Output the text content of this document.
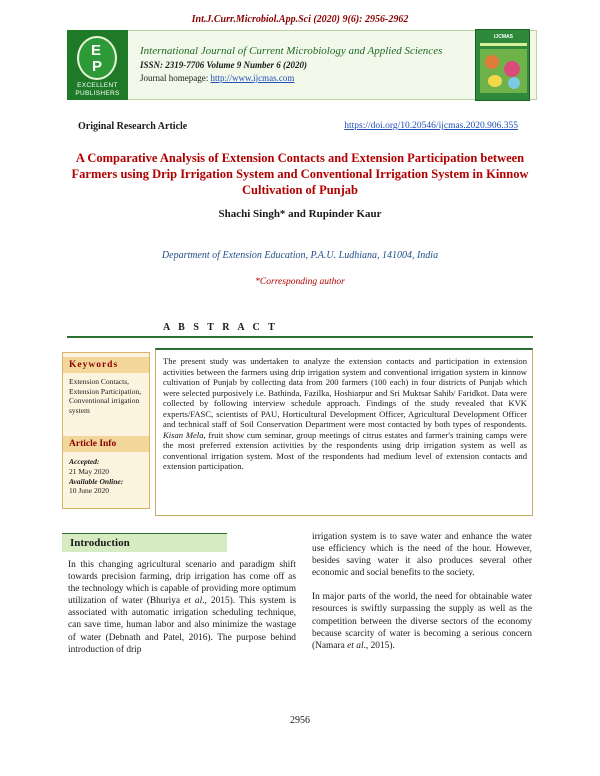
Int.J.Curr.Microbiol.App.Sci (2020) 9(6): 2956-2962
E
P
EXCELLENT PUBLISHERS
International Journal of Current Microbiology and Applied Sciences
ISSN: 2319-7706 Volume 9 Number 6 (2020)
Journal homepage: http://www.ijcmas.com
IJCMAS
Original Research Article	https://doi.org/10.20546/ijcmas.2020.906.355
A Comparative Analysis of Extension Contacts and Extension Participation between Farmers using Drip Irrigation System and Conventional Irrigation System in Kinnow Cultivation of Punjab
Shachi Singh* and Rupinder Kaur
Department of Extension Education, P.A.U. Ludhiana, 141004, India
*Corresponding author
A B S T R A C T
Keywords
Extension Contacts, Extension Participation, Conventional irrigation system
Article Info
Accepted:
21 May 2020
Available Online:
10 June 2020
The present study was undertaken to analyze the extension contacts and participation in extension activities between the farmers using drip irrigation system and conventional irrigation system in kinnow cultivation of Punjab by collecting data from 200 farmers (100 each) in four districts of Punjab which were selected purposively i.e. Bathinda, Fazilka, Hoshiarpur and Sri Muktsar Sahib/ Faridkot. Data were collected by following interview schedule approach. Findings of the study revealed that KVK experts/FASC, scientists of PAU, Horticultural Development Officer, Agricultural Development Officer and technical staff of Soil Conservation Department were most contacted by both types of respondents. Kisan Mela, fruit show cum seminar, group meetings of citrus estates and farmer's training camps were the most preferred extension activities by the respondents using drip irrigation system as well as conventional irrigation system. Most of the respondents had medium level of extension contacts and extension participation.
Introduction

In this changing agricultural scenario and paradigm shift towards precision farming, drip irrigation has come off as the technology which is capable of providing more optimum utilization of water (Bhuriya et al., 2015). This system is associated with automatic irrigation scheduling technique, can save time, human labor and also minimize the wastage of water (Debnath and Patel, 2016). The purpose behind introduction of drip

irrigation system is to save water and enhance the water use efficiency which is the need of the hour. However, besides saving water it also produces several other economic and social benefits to the society.

In major parts of the world, the need for obtainable water resources is swiftly surpassing the supply as well as the competition between the diverse sectors of the economy because scarcity of water is becoming a serious concern (Namara et al., 2015).

2956
